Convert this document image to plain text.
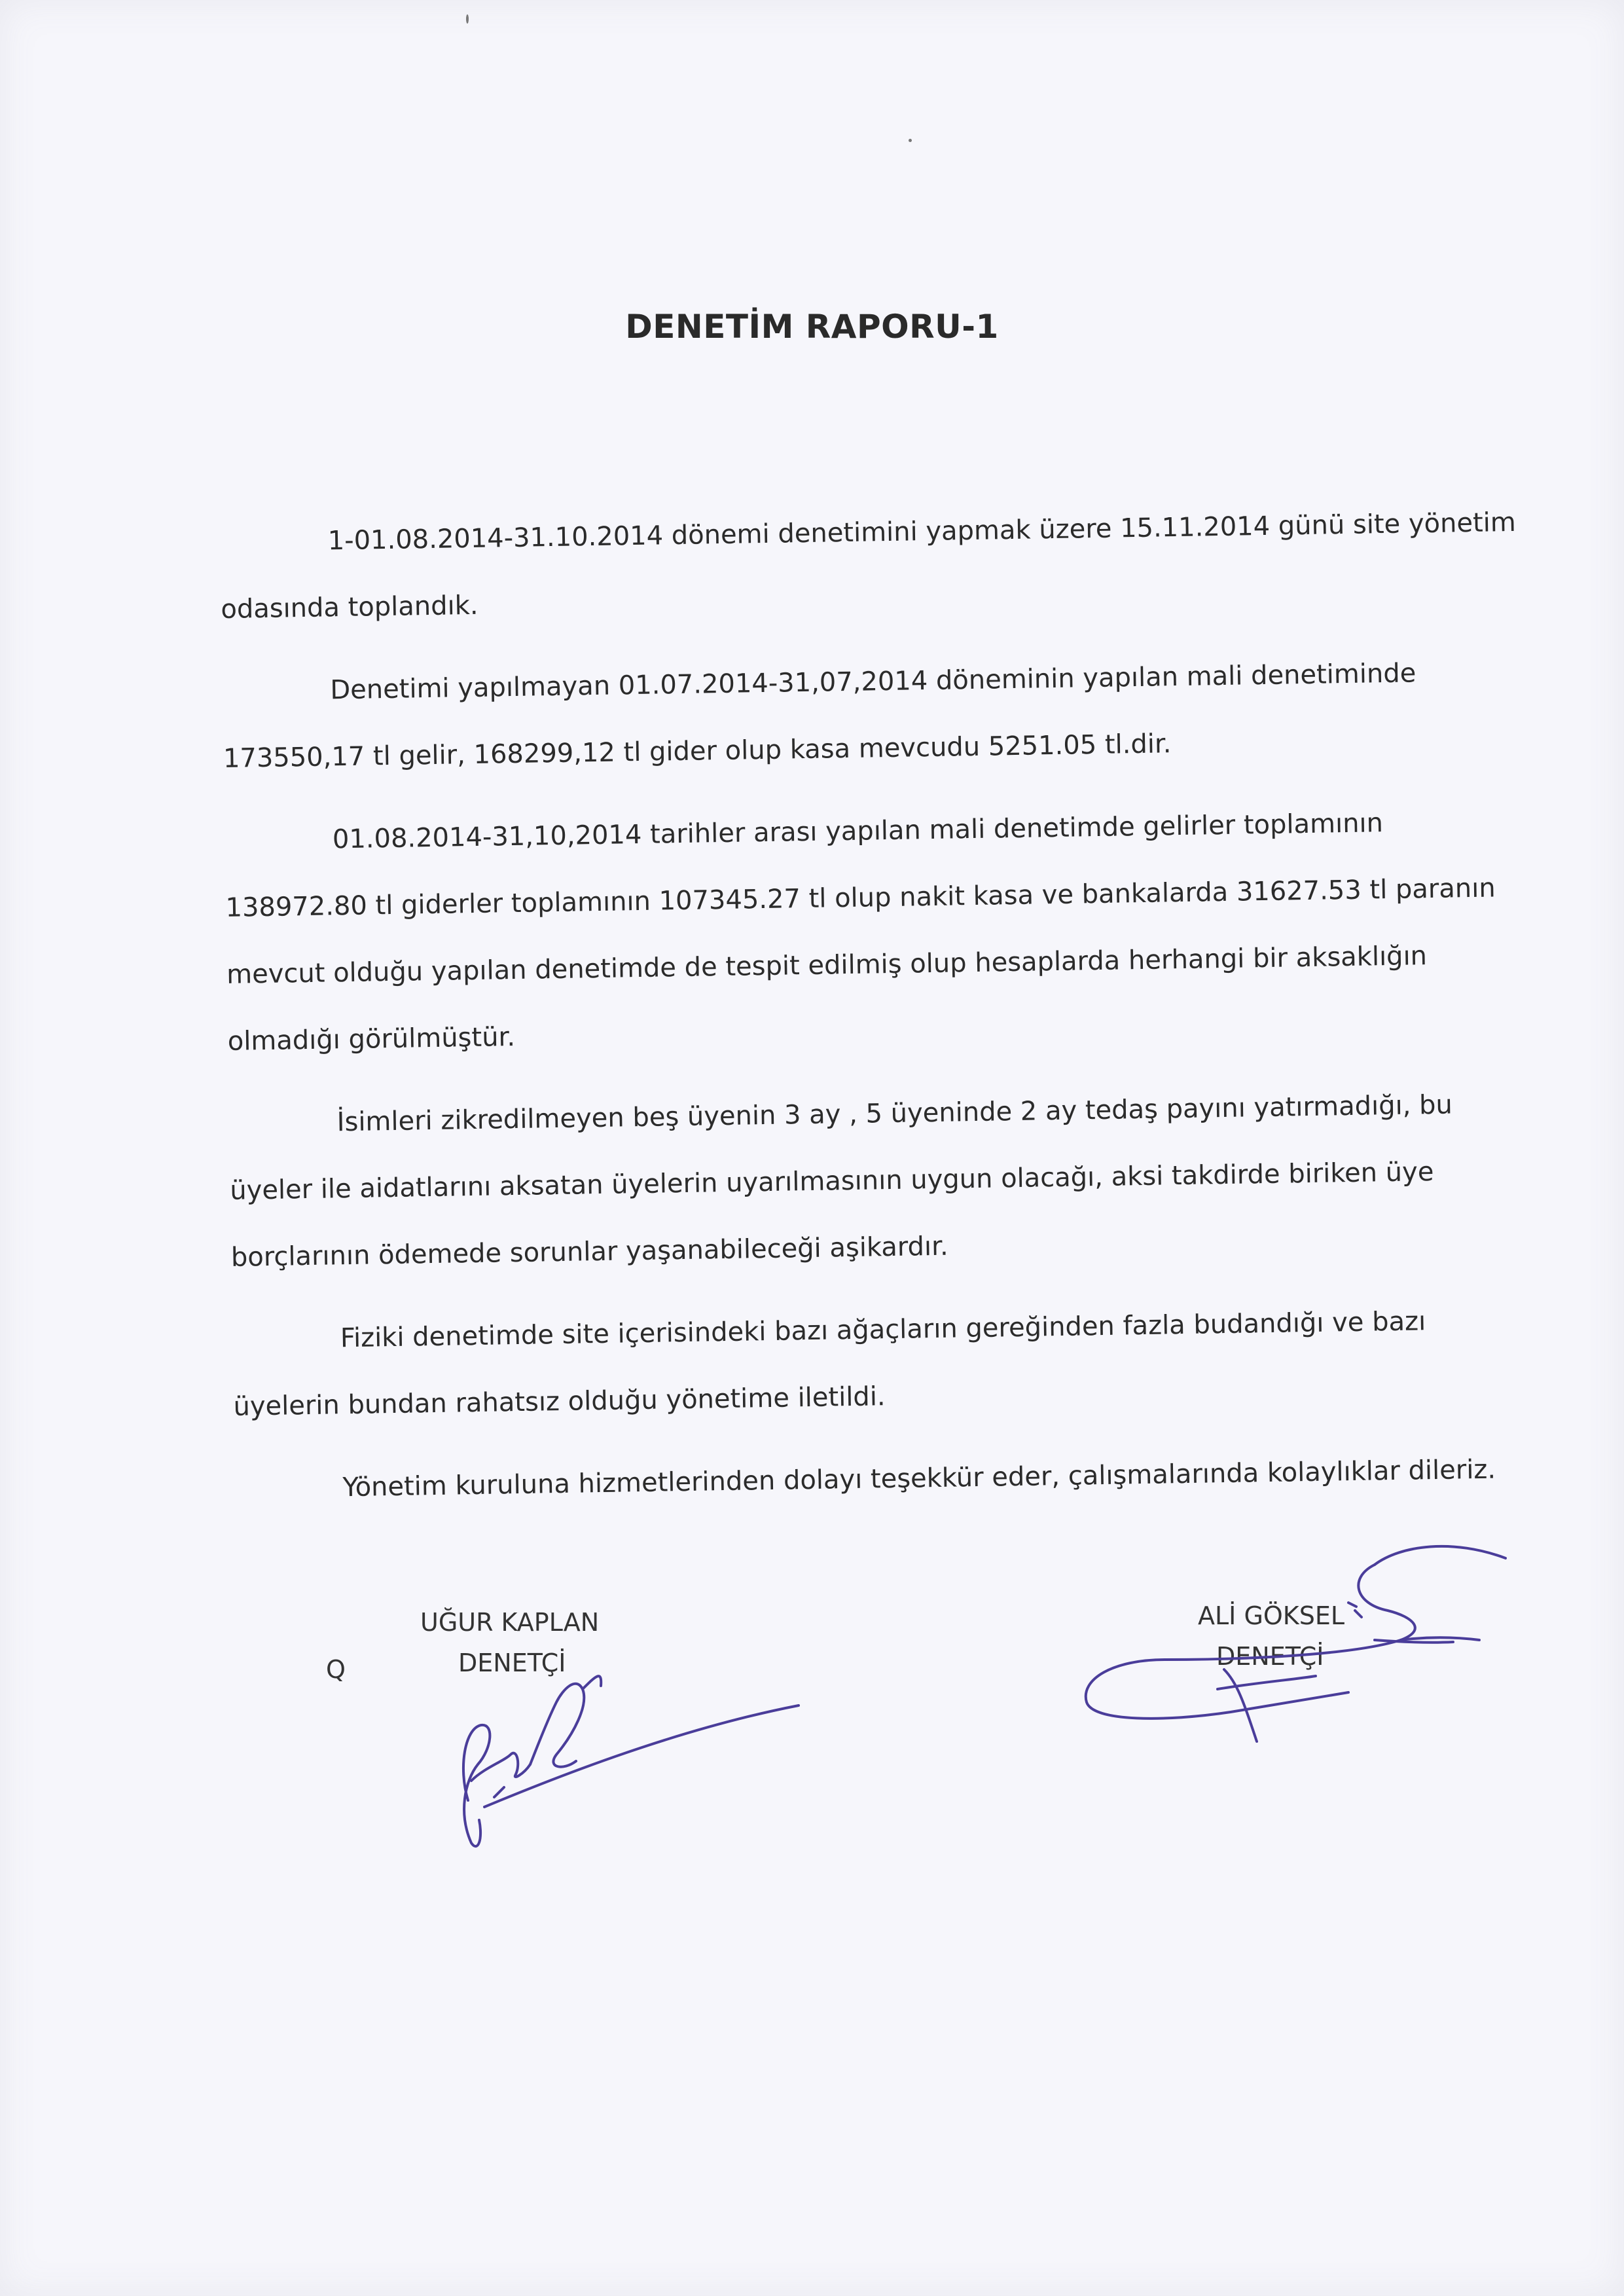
DENETİM RAPORU-1

1-01.08.2014-31.10.2014 dönemi denetimini yapmak üzere 15.11.2014 günü site yönetim odasında toplandık.

Denetimi yapılmayan 01.07.2014-31,07,2014 döneminin yapılan mali denetiminde 173550,17 tl gelir, 168299,12 tl gider olup kasa mevcudu 5251.05 tl.dir.

01.08.2014-31,10,2014 tarihler arası yapılan mali denetimde gelirler toplamının 138972.80 tl giderler toplamının 107345.27 tl olup nakit kasa ve bankalarda 31627.53 tl paranın mevcut olduğu yapılan denetimde de tespit edilmiş olup hesaplarda herhangi bir aksaklığın olmadığı görülmüştür.

İsimleri zikredilmeyen beş üyenin 3 ay , 5 üyeninde 2 ay tedaş payını yatırmadığı, bu üyeler ile aidatlarını aksatan üyelerin uyarılmasının uygun olacağı, aksi takdirde biriken üye borçlarının ödemede sorunlar yaşanabileceği aşikardır.

Fiziki denetimde site içerisindeki bazı ağaçların gereğinden fazla budandığı ve bazı üyelerin bundan rahatsız olduğu yönetime iletildi.

Yönetim kuruluna hizmetlerinden dolayı teşekkür eder, çalışmalarında kolaylıklar dileriz.

Q
UĞUR KAPLAN
DENETÇİ
ALİ GÖKSEL
DENETÇİ
